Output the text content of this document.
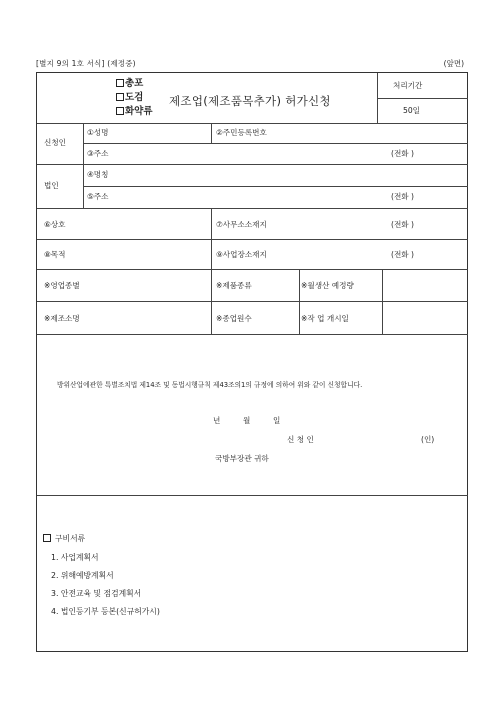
[별지 9의 1호 서식] (제정중)	(앞면)
총포
도검
화약류
제조업(제조품목추가) 허가신청
처리기간
50일
신청인
①성명	②주민등록번호
③주소	(전화 )
법인
④명칭
⑤주소	(전화 )
⑥상호	⑦사무소소재지	(전화 )
⑧목적	⑨사업장소재지	(전화 )
※영업종별	※제품종류	※월생산 예정량
※제조소명	※종업원수	※작 업 개시일
방위산업에관한 특별조치법 제14조 및 동법시행규칙 제43조의1의 규정에 의하여 위와 같이 신청합니다.
년	월	일
신 청 인	(인)
국방부장관 귀하
구비서류
1. 사업계획서
2. 위해예방계획서
3. 안전교육 및 점검계획서
4. 법인등기부 등본(신규허가시)
